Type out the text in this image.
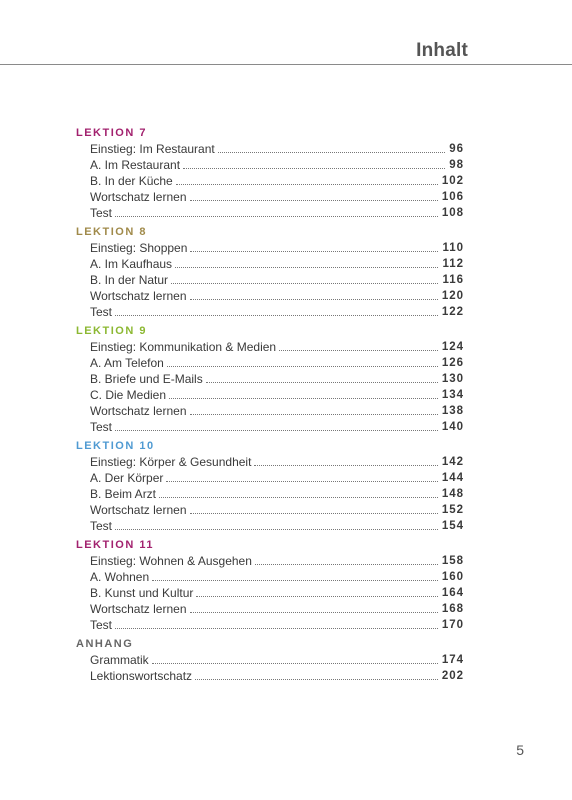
Inhalt
LEKTION 7
Einstieg: Im Restaurant	96
A. Im Restaurant	98
B. In der Küche	102
Wortschatz lernen	106
Test	108
LEKTION 8
Einstieg: Shoppen	110
A. Im Kaufhaus	112
B. In der Natur	116
Wortschatz lernen	120
Test	122
LEKTION 9
Einstieg: Kommunikation & Medien	124
A. Am Telefon	126
B. Briefe und E-Mails	130
C. Die Medien	134
Wortschatz lernen	138
Test	140
LEKTION 10
Einstieg: Körper & Gesundheit	142
A. Der Körper	144
B. Beim Arzt	148
Wortschatz lernen	152
Test	154
LEKTION 11
Einstieg: Wohnen & Ausgehen	158
A. Wohnen	160
B. Kunst und Kultur	164
Wortschatz lernen	168
Test	170
ANHANG
Grammatik	174
Lektionswortschatz	202
5
